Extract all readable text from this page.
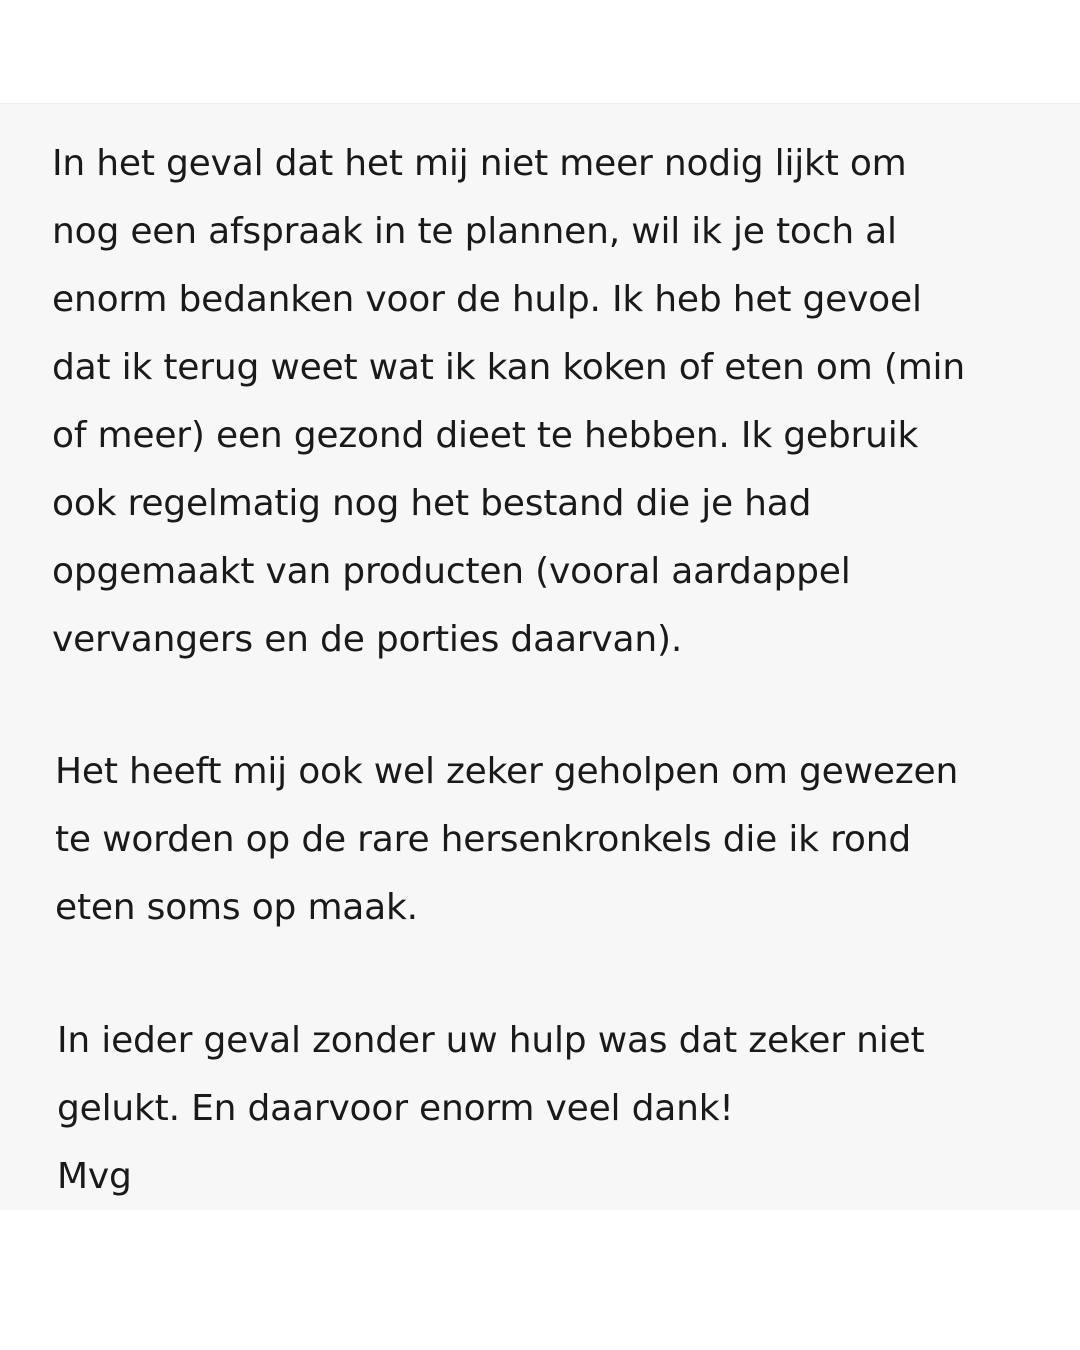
In het geval dat het mij niet meer nodig lijkt om
nog een afspraak in te plannen, wil ik je toch al
enorm bedanken voor de hulp. Ik heb het gevoel
dat ik terug weet wat ik kan koken of eten om (min
of meer) een gezond dieet te hebben. Ik gebruik
ook regelmatig nog het bestand die je had
opgemaakt van producten (vooral aardappel
vervangers en de porties daarvan).
Het heeft mij ook wel zeker geholpen om gewezen
te worden op de rare hersenkronkels die ik rond
eten soms op maak.
In ieder geval zonder uw hulp was dat zeker niet
gelukt. En daarvoor enorm veel dank!
Mvg
